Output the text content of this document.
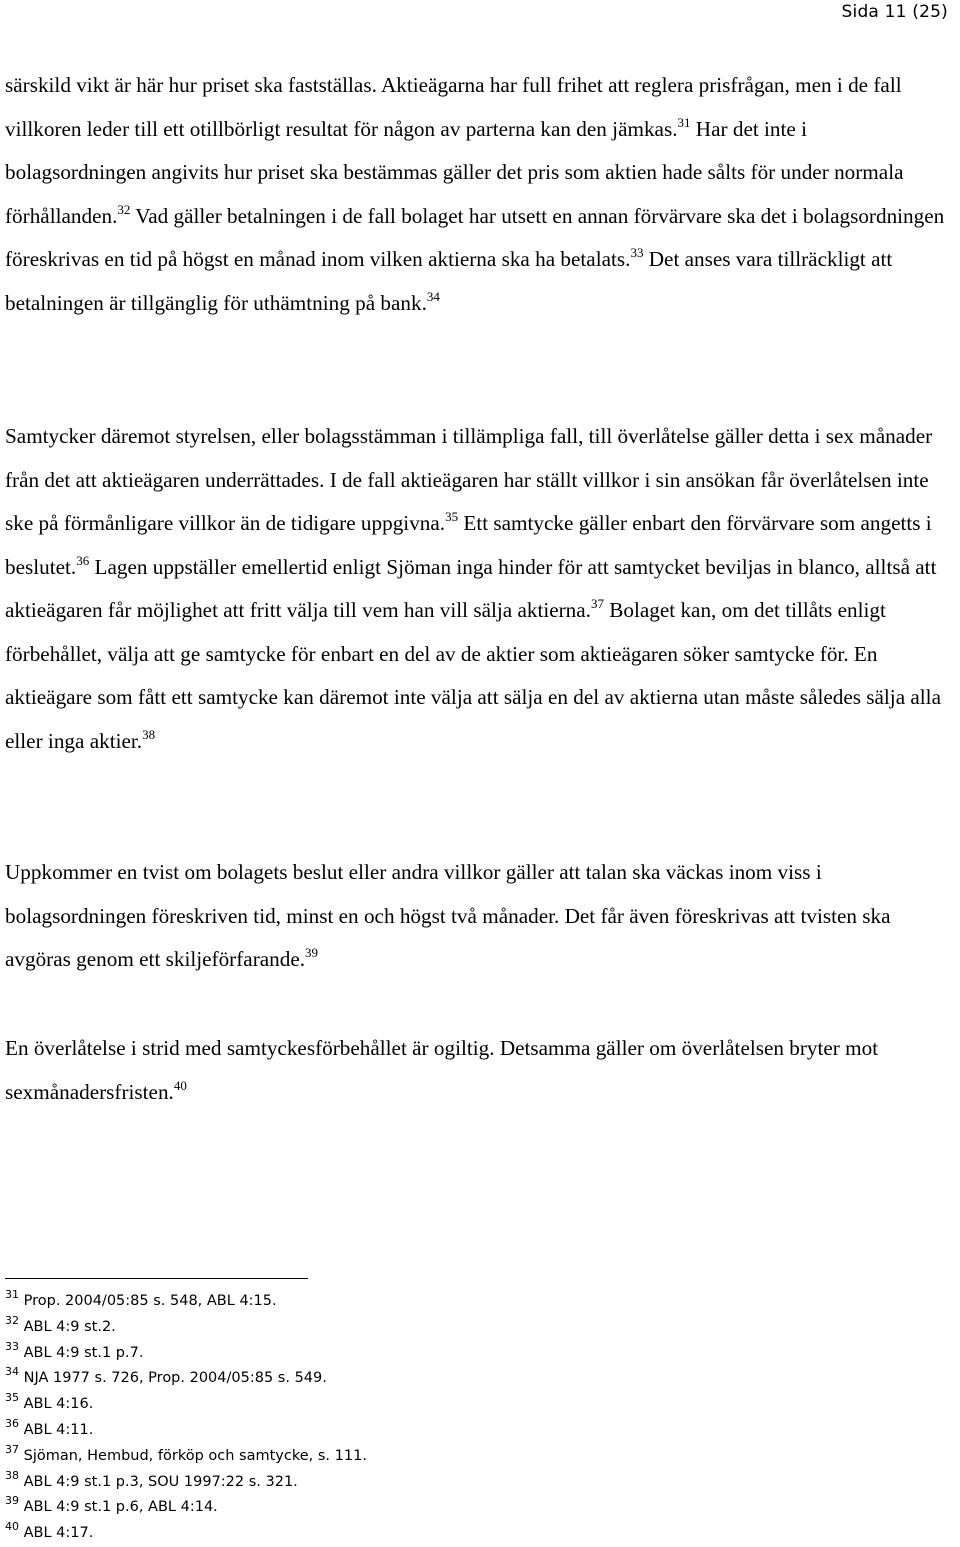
Sida 11 (25)

särskild vikt är här hur priset ska fastställas. Aktieägarna har full frihet att reglera prisfrågan, men i de fall villkoren leder till ett otillbörligt resultat för någon av parterna kan den jämkas.$^{31}$ Har det inte i bolagsordningen angivits hur priset ska bestämmas gäller det pris som aktien hade sålts för under normala förhållanden.$^{32}$ Vad gäller betalningen i de fall bolaget har utsett en annan förvärvare ska det i bolagsordningen föreskrivas en tid på högst en månad inom vilken aktierna ska ha betalats.$^{33}$ Det anses vara tillräckligt att betalningen är tillgänglig för uthämtning på bank.$^{34}$

Samtycker däremot styrelsen, eller bolagsstämman i tillämpliga fall, till överlåtelse gäller detta i sex månader från det att aktieägaren underrättades. I de fall aktieägaren har ställt villkor i sin ansökan får överlåtelsen inte ske på förmånligare villkor än de tidigare uppgivna.$^{35}$ Ett samtycke gäller enbart den förvärvare som angetts i beslutet.$^{36}$ Lagen uppställer emellertid enligt Sjöman inga hinder för att samtycket beviljas in blanco, alltså att aktieägaren får möjlighet att fritt välja till vem han vill sälja aktierna.$^{37}$ Bolaget kan, om det tillåts enligt förbehållet, välja att ge samtycke för enbart en del av de aktier som aktieägaren söker samtycke för. En aktieägare som fått ett samtycke kan däremot inte välja att sälja en del av aktierna utan måste således sälja alla eller inga aktier.$^{38}$

Uppkommer en tvist om bolagets beslut eller andra villkor gäller att talan ska väckas inom viss i bolagsordningen föreskriven tid, minst en och högst två månader. Det får även föreskrivas att tvisten ska avgöras genom ett skiljeförfarande.$^{39}$

En överlåtelse i strid med samtyckesförbehållet är ogiltig. Detsamma gäller om överlåtelsen bryter mot sexmånadersfristen.$^{40}$

$^{31}$ Prop. 2004/05:85 s. 548, ABL 4:15.
$^{32}$ ABL 4:9 st.2.
$^{33}$ ABL 4:9 st.1 p.7.
$^{34}$ NJA 1977 s. 726, Prop. 2004/05:85 s. 549.
$^{35}$ ABL 4:16.
$^{36}$ ABL 4:11.
$^{37}$ Sjöman, Hembud, förköp och samtycke, s. 111.
$^{38}$ ABL 4:9 st.1 p.3, SOU 1997:22 s. 321.
$^{39}$ ABL 4:9 st.1 p.6, ABL 4:14.
$^{40}$ ABL 4:17.
